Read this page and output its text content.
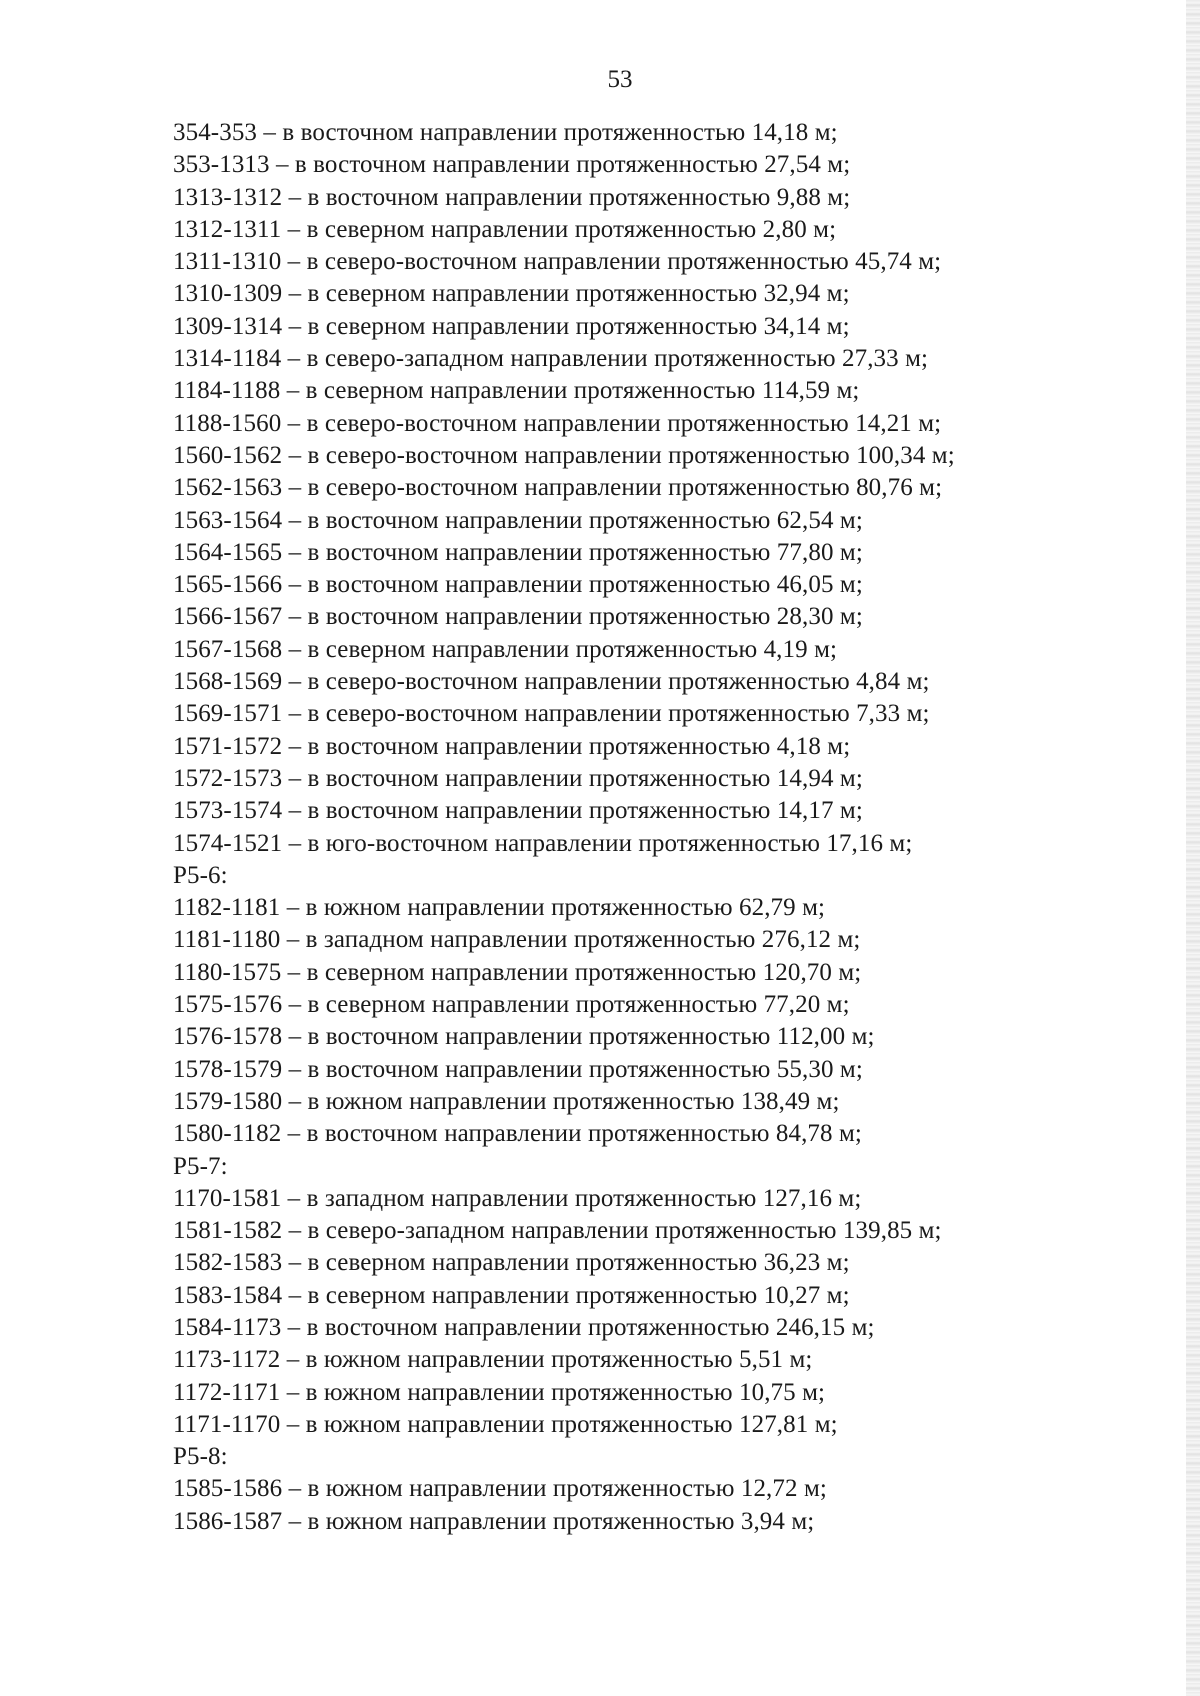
53
354-353 – в восточном направлении протяженностью 14,18 м;
353-1313 – в восточном направлении протяженностью 27,54 м;
1313-1312 – в восточном направлении протяженностью 9,88 м;
1312-1311 – в северном направлении протяженностью 2,80 м;
1311-1310 – в северо-восточном направлении протяженностью 45,74 м;
1310-1309 – в северном направлении протяженностью 32,94 м;
1309-1314 – в северном направлении протяженностью 34,14 м;
1314-1184 – в северо-западном направлении протяженностью 27,33 м;
1184-1188 – в северном направлении протяженностью 114,59 м;
1188-1560 – в северо-восточном направлении протяженностью 14,21 м;
1560-1562 – в северо-восточном направлении протяженностью 100,34 м;
1562-1563 – в северо-восточном направлении протяженностью 80,76 м;
1563-1564 – в восточном направлении протяженностью 62,54 м;
1564-1565 – в восточном направлении протяженностью 77,80 м;
1565-1566 – в восточном направлении протяженностью 46,05 м;
1566-1567 – в восточном направлении протяженностью 28,30 м;
1567-1568 – в северном направлении протяженностью 4,19 м;
1568-1569 – в северо-восточном направлении протяженностью 4,84 м;
1569-1571 – в северо-восточном направлении протяженностью 7,33 м;
1571-1572 – в восточном направлении протяженностью 4,18 м;
1572-1573 – в восточном направлении протяженностью 14,94 м;
1573-1574 – в восточном направлении протяженностью 14,17 м;
1574-1521 – в юго-восточном направлении протяженностью 17,16 м;
Р5-6:
1182-1181 – в южном направлении протяженностью 62,79 м;
1181-1180 – в западном направлении протяженностью 276,12 м;
1180-1575 – в северном направлении протяженностью 120,70 м;
1575-1576 – в северном направлении протяженностью 77,20 м;
1576-1578 – в восточном направлении протяженностью 112,00 м;
1578-1579 – в восточном направлении протяженностью 55,30 м;
1579-1580 – в южном направлении протяженностью 138,49 м;
1580-1182 – в восточном направлении протяженностью 84,78 м;
Р5-7:
1170-1581 – в западном направлении протяженностью 127,16 м;
1581-1582 – в северо-западном направлении протяженностью 139,85 м;
1582-1583 – в северном направлении протяженностью 36,23 м;
1583-1584 – в северном направлении протяженностью 10,27 м;
1584-1173 – в восточном направлении протяженностью 246,15 м;
1173-1172 – в южном направлении протяженностью 5,51 м;
1172-1171 – в южном направлении протяженностью 10,75 м;
1171-1170 – в южном направлении протяженностью 127,81 м;
Р5-8:
1585-1586 – в южном направлении протяженностью 12,72 м;
1586-1587 – в южном направлении протяженностью 3,94 м;
